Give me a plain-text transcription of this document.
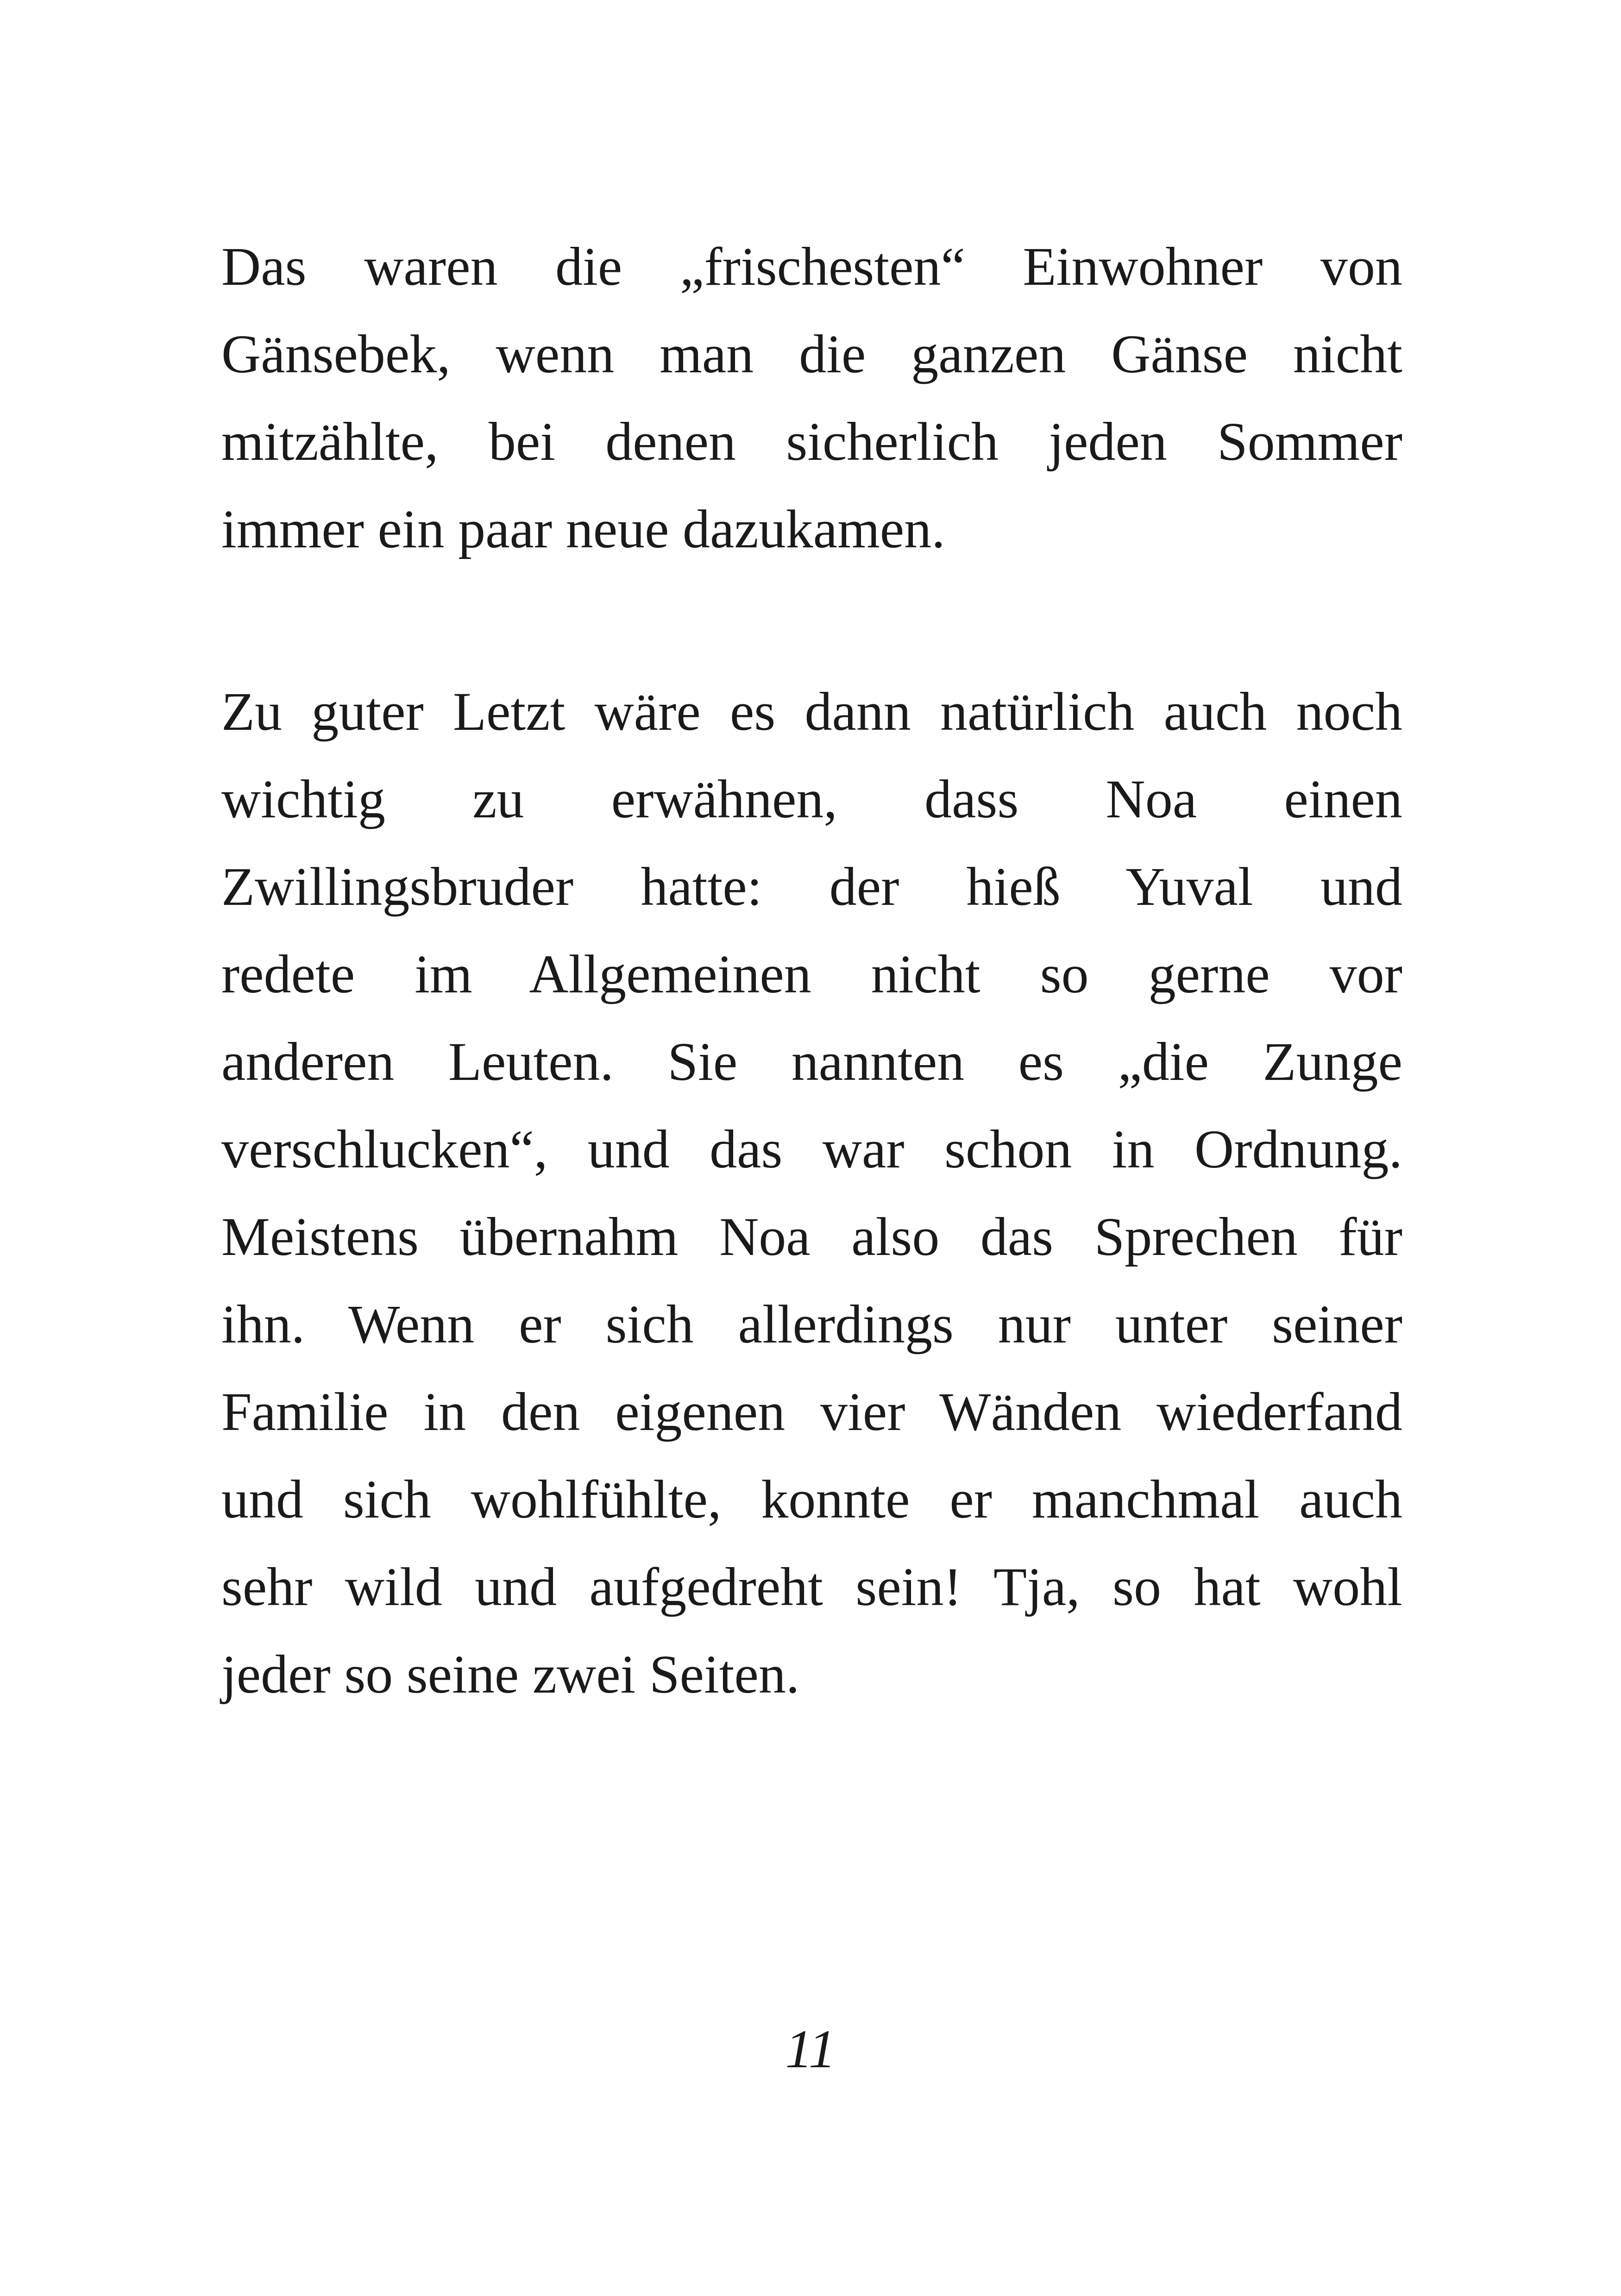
Das waren die „frischesten“ Einwohner von
Gänsebek, wenn man die ganzen Gänse nicht
mitzählte, bei denen sicherlich jeden Sommer
immer ein paar neue dazukamen.
Zu guter Letzt wäre es dann natürlich auch noch
wichtig zu erwähnen, dass Noa einen
Zwillingsbruder hatte: der hieß Yuval und
redete im Allgemeinen nicht so gerne vor
anderen Leuten. Sie nannten es „die Zunge
verschlucken“, und das war schon in Ordnung.
Meistens übernahm Noa also das Sprechen für
ihn. Wenn er sich allerdings nur unter seiner
Familie in den eigenen vier Wänden wiederfand
und sich wohlfühlte, konnte er manchmal auch
sehr wild und aufgedreht sein! Tja, so hat wohl
jeder so seine zwei Seiten.
11
